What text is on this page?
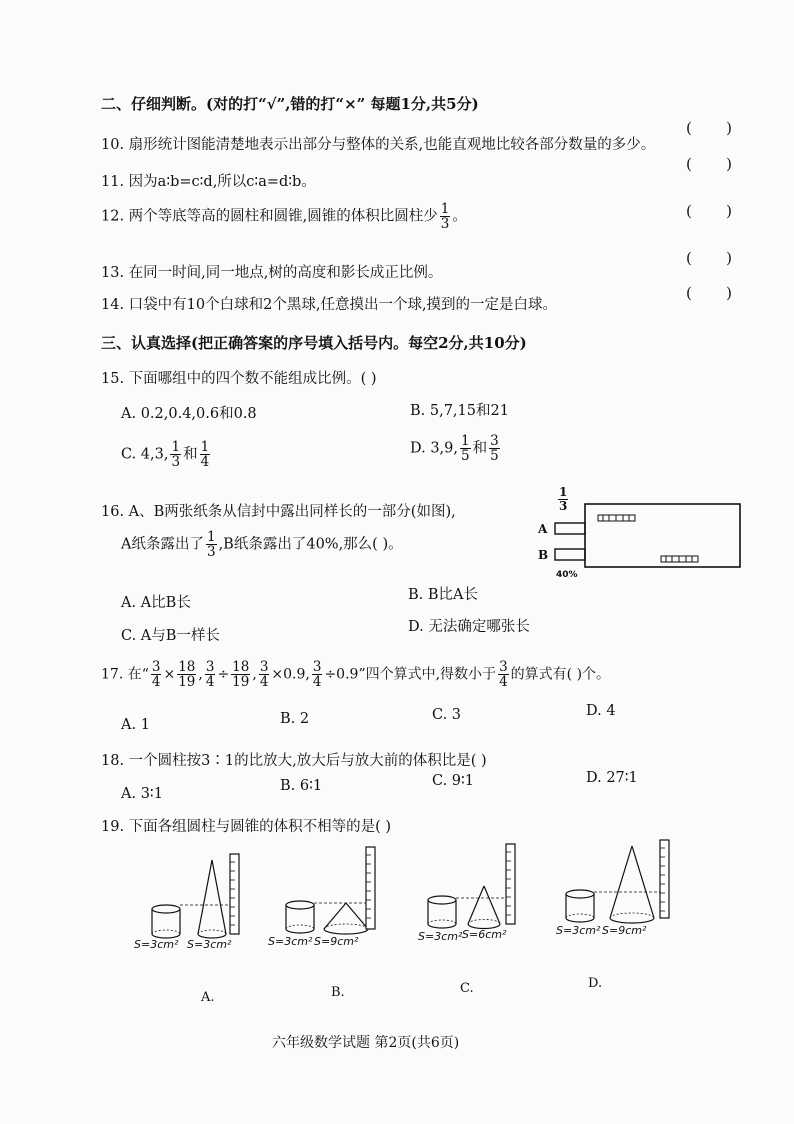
二、仔细判断。(对的打“√”,错的打“×” 每题1分,共5分)
10. 扇形统计图能清楚地表示出部分与整体的关系,也能直观地比较各部分数量的多少。
( )
11. 因为a∶b=c∶d,所以c∶a=d∶b。
( )
12. 两个等底等高的圆柱和圆锥,圆锥的体积比圆柱少 $\frac{1}{3}$ 。	( )
13. 在同一时间,同一地点,树的高度和影长成正比例。
( )
14. 口袋中有10个白球和2个黑球,任意摸出一个球,摸到的一定是白球。
( )
三、认真选择(把正确答案的序号填入括号内。每空2分,共10分)
15. 下面哪组中的四个数不能组成比例。( )
A. 0.2,0.4,0.6和0.8	B. 5,7,15和21
C. 4,3, $\frac{1}{3}$ 和 $\frac{1}{4}$	D. 3,9, $\frac{1}{5}$ 和 $\frac{3}{5}$
16. A、B两张纸条从信封中露出同样长的一部分(如图),
A纸条露出了 $\frac{1}{3} ,B$纸条露出了40%,那么( )。
A. A比B长	B. B比A长
C. A与B一样长
D. 无法确定哪张长
$\frac{1}{3}$
A
B
40%
17. 在“ $\frac{3}{4} \times \frac{18}{19}$ , $\frac{3}{4} \div \frac{18}{19}$ , $\frac{3}{4} \times 0.9$, $\frac{3}{4} \div 0.9$”四个算式中,得数小于 $\frac{3}{4}$ 的算式有( )个。
A. 1	B. 2	C. 3	D. 4
18. 一个圆柱按3∶1的比放大,放大后与放大前的体积比是( )
A. 3∶1	B. 6∶1	C. 9∶1	D. 27∶1
19. 下面各组圆柱与圆锥的体积不相等的是( )
S=3cm² S=3cm²
A.
S=3cm² S=9cm²
B.
S=3cm² S=6cm²
C.
S=3cm² S=9cm²
D.
六年级数学试题 第2页(共6页)
